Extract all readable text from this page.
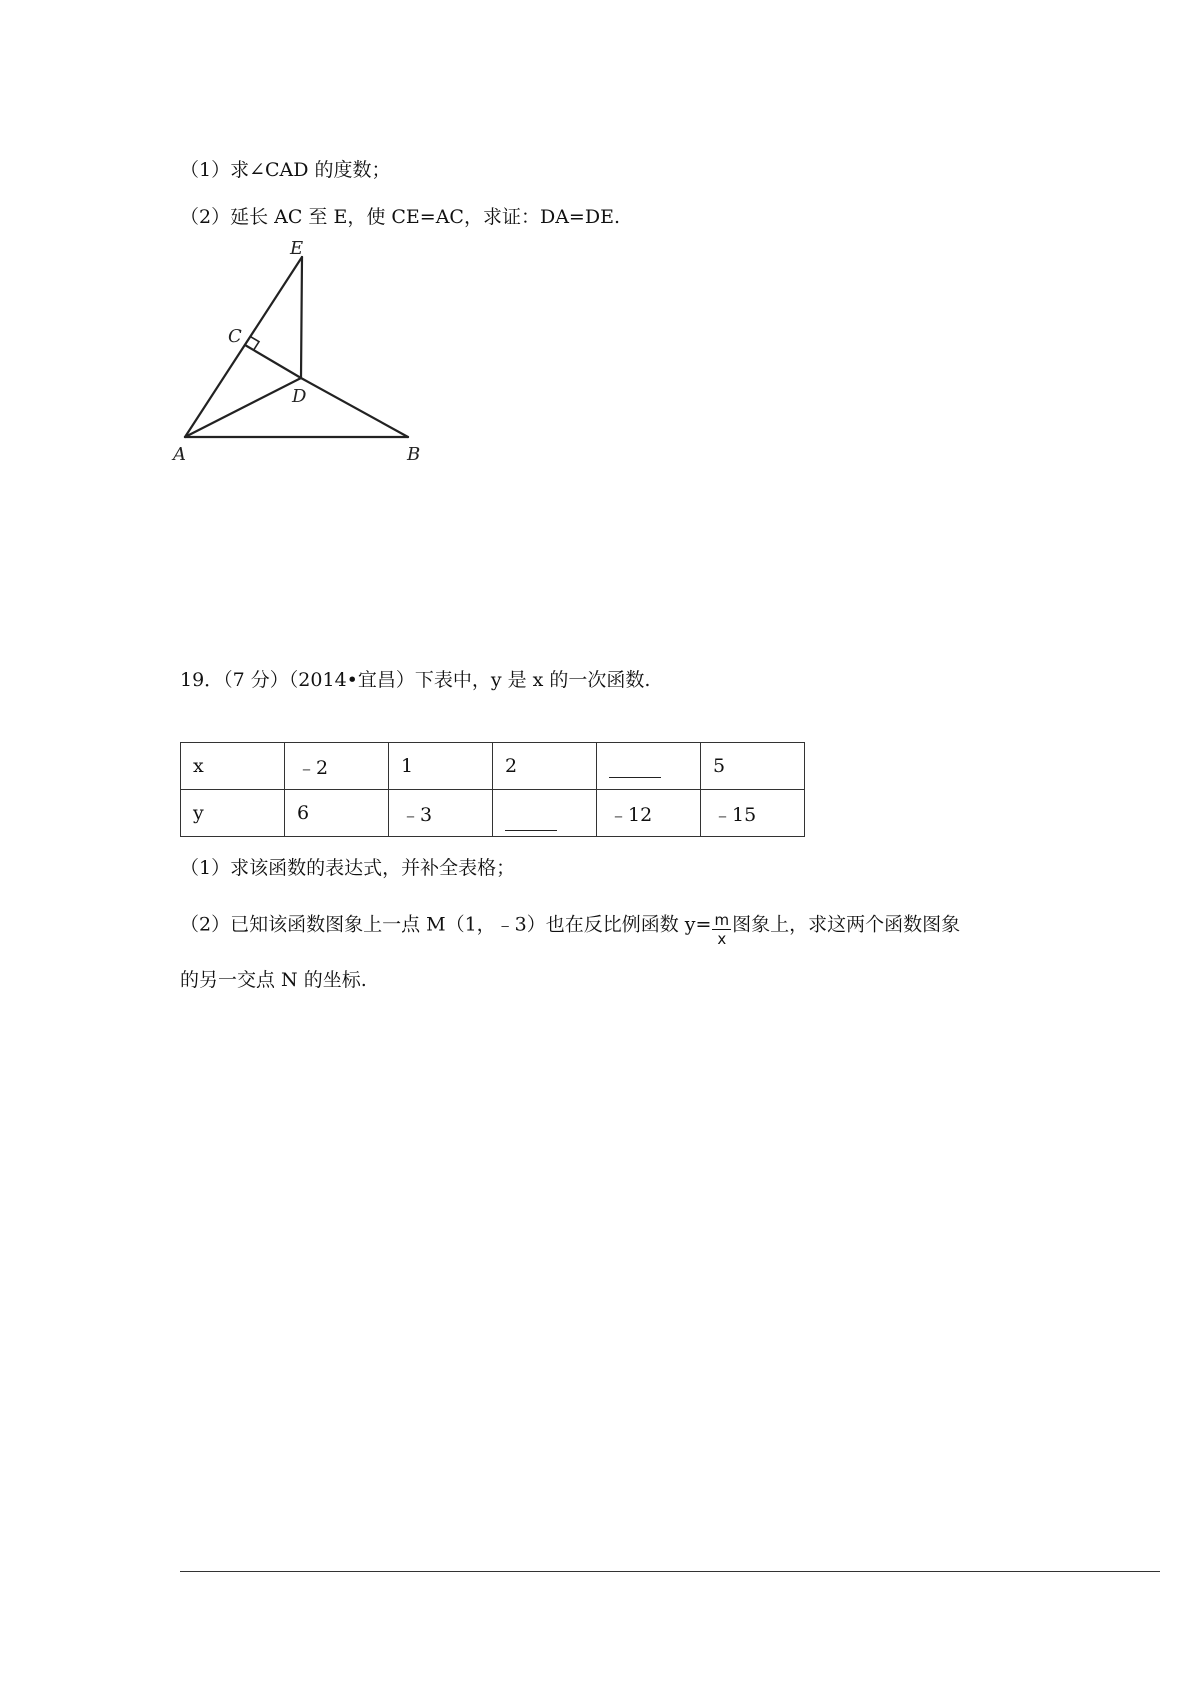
（1）求∠CAD 的度数；
（2）延长 AC 至 E，使 CE=AC，求证：DA=DE.
E
C
D
A	B
19．（7 分）（2014•宜昌）下表中，y 是 x 的一次函数.
x	﹣2	1	2		5
y	6	﹣3		﹣12	﹣15
（1）求该函数的表达式，并补全表格；
（2）已知该函数图象上一点 M（1，﹣3）也在反比例函数 $y= \frac{m}{x}$ 图象上，求这两个函数图象
的另一交点 N 的坐标.
